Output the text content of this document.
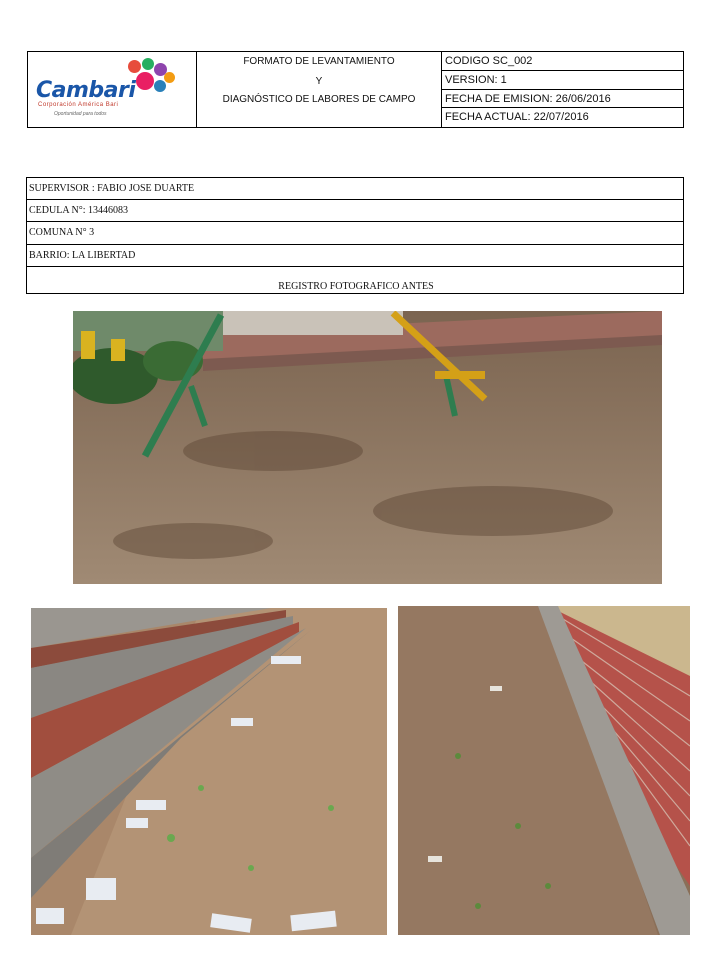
Cambari
Corporación América Bari
Oportunidad para todos
FORMATO DE LEVANTAMIENTO
Y
DIAGNÓSTICO DE LABORES DE CAMPO
CODIGO SC_002
VERSION: 1
FECHA DE EMISION: 26/06/2016
FECHA ACTUAL: 22/07/2016
SUPERVISOR : FABIO JOSE DUARTE
CEDULA N°: 13446083
COMUNA N° 3
BARRIO: LA LIBERTAD
REGISTRO FOTOGRAFICO ANTES
